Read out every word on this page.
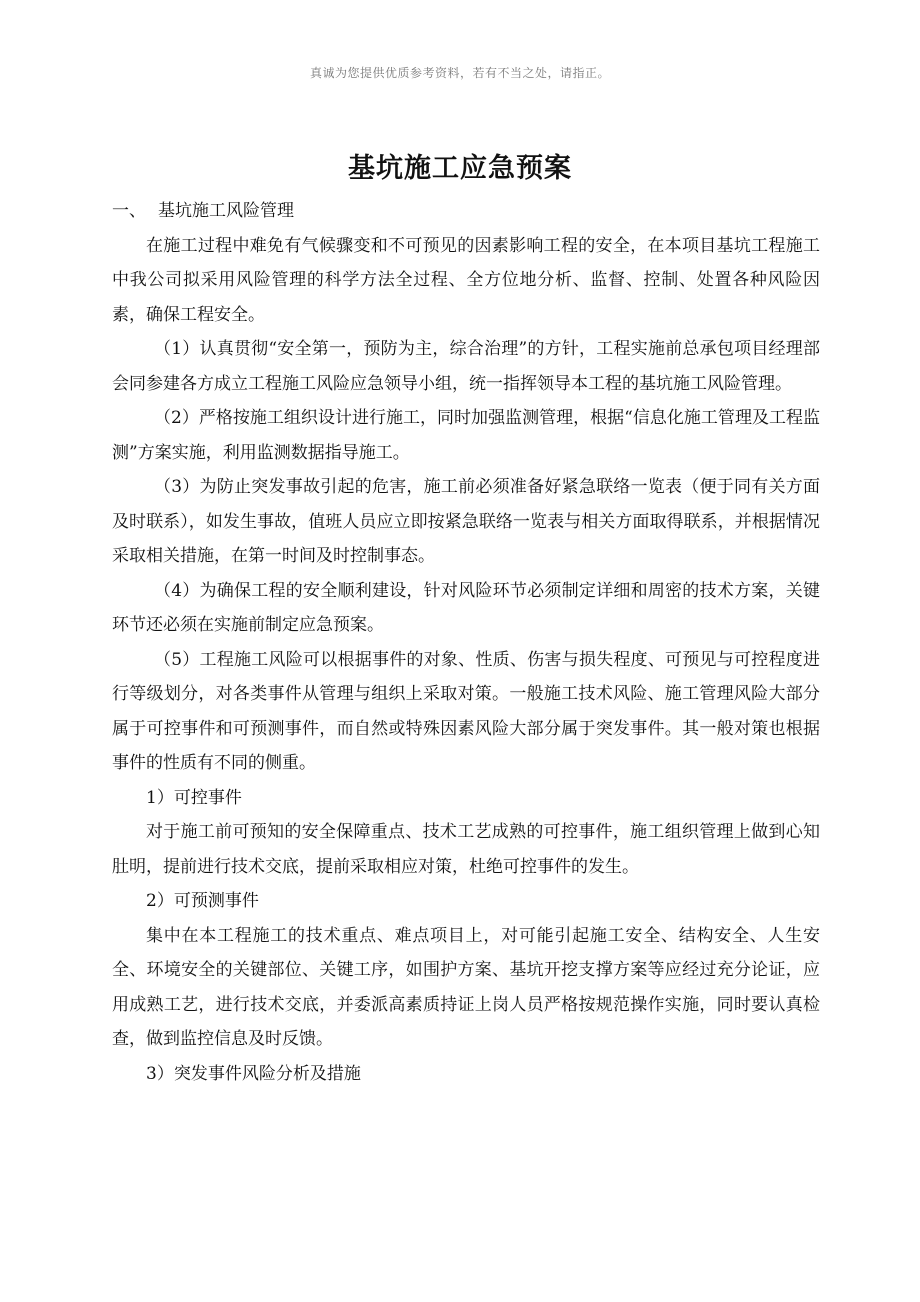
真诚为您提供优质参考资料，若有不当之处，请指正。
基坑施工应急预案

一、 基坑施工风险管理

在施工过程中难免有气候骤变和不可预见的因素影响工程的安全，在本项目基坑工程施工中我公司拟采用风险管理的科学方法全过程、全方位地分析、监督、控制、处置各种风险因素，确保工程安全。

（1）认真贯彻“安全第一，预防为主，综合治理”的方针，工程实施前总承包项目经理部会同参建各方成立工程施工风险应急领导小组，统一指挥领导本工程的基坑施工风险管理。

（2）严格按施工组织设计进行施工，同时加强监测管理，根据“信息化施工管理及工程监测”方案实施，利用监测数据指导施工。

（3）为防止突发事故引起的危害，施工前必须准备好紧急联络一览表（便于同有关方面及时联系），如发生事故，值班人员应立即按紧急联络一览表与相关方面取得联系，并根据情况采取相关措施，在第一时间及时控制事态。

（4）为确保工程的安全顺利建设，针对风险环节必须制定详细和周密的技术方案，关键环节还必须在实施前制定应急预案。

（5）工程施工风险可以根据事件的对象、性质、伤害与损失程度、可预见与可控程度进行等级划分，对各类事件从管理与组织上采取对策。一般施工技术风险、施工管理风险大部分属于可控事件和可预测事件，而自然或特殊因素风险大部分属于突发事件。其一般对策也根据事件的性质有不同的侧重。

1）可控事件

对于施工前可预知的安全保障重点、技术工艺成熟的可控事件，施工组织管理上做到心知肚明，提前进行技术交底，提前采取相应对策，杜绝可控事件的发生。

2）可预测事件

集中在本工程施工的技术重点、难点项目上，对可能引起施工安全、结构安全、人生安全、环境安全的关键部位、关键工序，如围护方案、基坑开挖支撑方案等应经过充分论证，应用成熟工艺，进行技术交底，并委派高素质持证上岗人员严格按规范操作实施，同时要认真检查，做到监控信息及时反馈。

3）突发事件风险分析及措施
